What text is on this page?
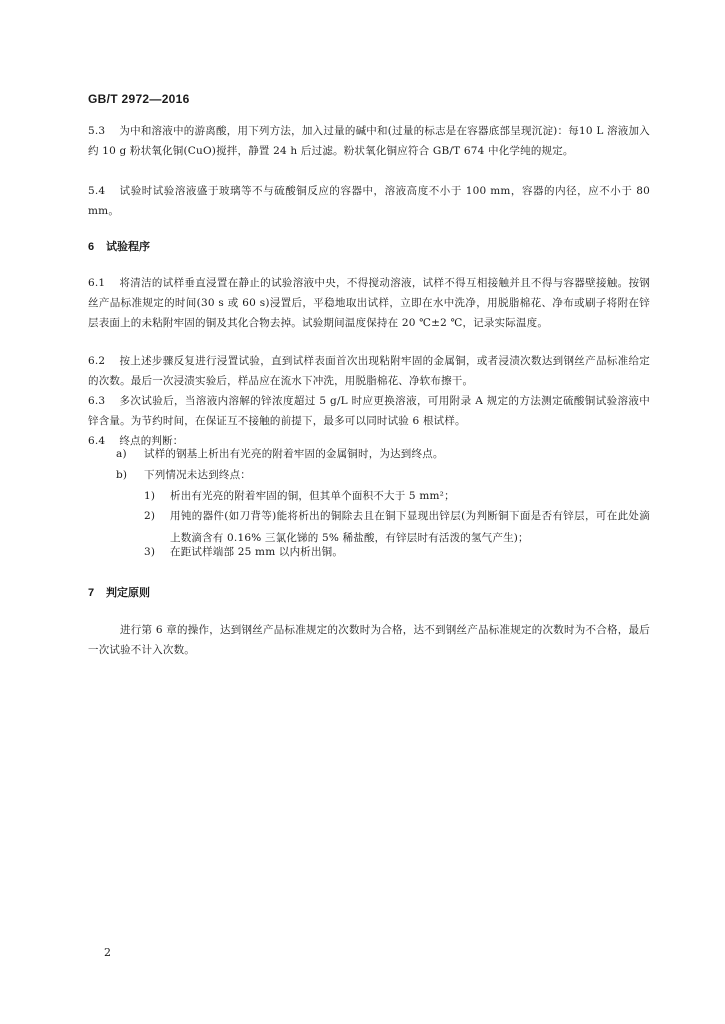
GB/T 2972—2016
5.3 为中和溶液中的游离酸，用下列方法，加入过量的碱中和(过量的标志是在容器底部呈现沉淀)：每10 L 溶液加入约 10 g 粉状氧化铜(CuO)搅拌，静置 24 h 后过滤。粉状氧化铜应符合 GB/T 674 中化学纯的规定。
5.4 试验时试验溶液盛于玻璃等不与硫酸铜反应的容器中，溶液高度不小于 100 mm，容器的内径，应不小于 80 mm。
6 试验程序
6.1 将清洁的试样垂直浸置在静止的试验溶液中央，不得搅动溶液，试样不得互相接触并且不得与容器壁接触。按钢丝产品标准规定的时间(30 s 或 60 s)浸置后，平稳地取出试样，立即在水中洗净，用脱脂棉花、净布或刷子将附在锌层表面上的未粘附牢固的铜及其化合物去掉。试验期间温度保持在 20 ℃±2 ℃，记录实际温度。
6.2 按上述步骤反复进行浸置试验，直到试样表面首次出现粘附牢固的金属铜，或者浸渍次数达到钢丝产品标准给定的次数。最后一次浸渍实验后，样品应在流水下冲洗，用脱脂棉花、净软布擦干。
6.3 多次试验后，当溶液内溶解的锌浓度超过 5 g/L 时应更换溶液，可用附录 A 规定的方法测定硫酸铜试验溶液中锌含量。为节约时间，在保证互不接触的前提下，最多可以同时试验 6 根试样。
6.4 终点的判断：
a) 试样的钢基上析出有光亮的附着牢固的金属铜时，为达到终点。
b) 下列情况未达到终点：
1) 析出有光亮的附着牢固的铜，但其单个面积不大于 5 mm²；
2) 用钝的器件(如刀背等)能将析出的铜除去且在铜下显现出锌层(为判断铜下面是否有锌层，可在此处滴上数滴含有 0.16% 三氯化锑的 5% 稀盐酸，有锌层时有活泼的氢气产生)；
3) 在距试样端部 25 mm 以内析出铜。
7 判定原则
进行第 6 章的操作，达到钢丝产品标准规定的次数时为合格，达不到钢丝产品标准规定的次数时为不合格，最后一次试验不计入次数。
2
